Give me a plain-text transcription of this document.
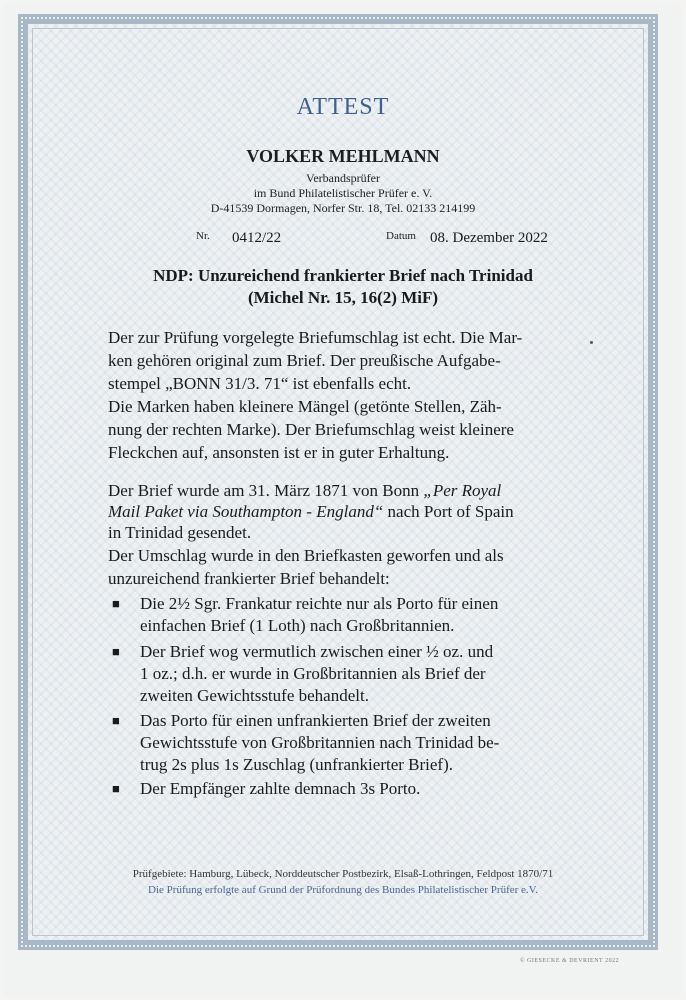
ATTEST
VOLKER MEHLMANN
Verbandsprüfer
im Bund Philatelistischer Prüfer e. V.
D-41539 Dormagen, Norfer Str. 18, Tel. 02133 214199
Nr. 0412/22	Datum 08. Dezember 2022
NDP: Unzureichend frankierter Brief nach Trinidad
(Michel Nr. 15, 16(2) MiF)
Der zur Prüfung vorgelegte Briefumschlag ist echt. Die Mar-
ken gehören original zum Brief. Der preußische Aufgabe-
stempel „BONN 31/3. 71“ ist ebenfalls echt.
Die Marken haben kleinere Mängel (getönte Stellen, Zäh-
nung der rechten Marke). Der Briefumschlag weist kleinere
Fleckchen auf, ansonsten ist er in guter Erhaltung.
Der Brief wurde am 31. März 1871 von Bonn „Per Royal
Mail Paket via Southampton - England“ nach Port of Spain
in Trinidad gesendet.
Der Umschlag wurde in den Briefkasten geworfen und als
unzureichend frankierter Brief behandelt:
■ Die 2½ Sgr. Frankatur reichte nur als Porto für einen
einfachen Brief (1 Loth) nach Großbritannien.
■ Der Brief wog vermutlich zwischen einer ½ oz. und
1 oz.; d.h. er wurde in Großbritannien als Brief der
zweiten Gewichtsstufe behandelt.
■ Das Porto für einen unfrankierten Brief der zweiten
Gewichtsstufe von Großbritannien nach Trinidad be-
trug 2s plus 1s Zuschlag (unfrankierter Brief).
■ Der Empfänger zahlte demnach 3s Porto.
Prüfgebiete: Hamburg, Lübeck, Norddeutscher Postbezirk, Elsaß-Lothringen, Feldpost 1870/71
Die Prüfung erfolgte auf Grund der Prüfordnung des Bundes Philatelistischer Prüfer e.V.
© GIESECKE & DEVRIENT 2022
